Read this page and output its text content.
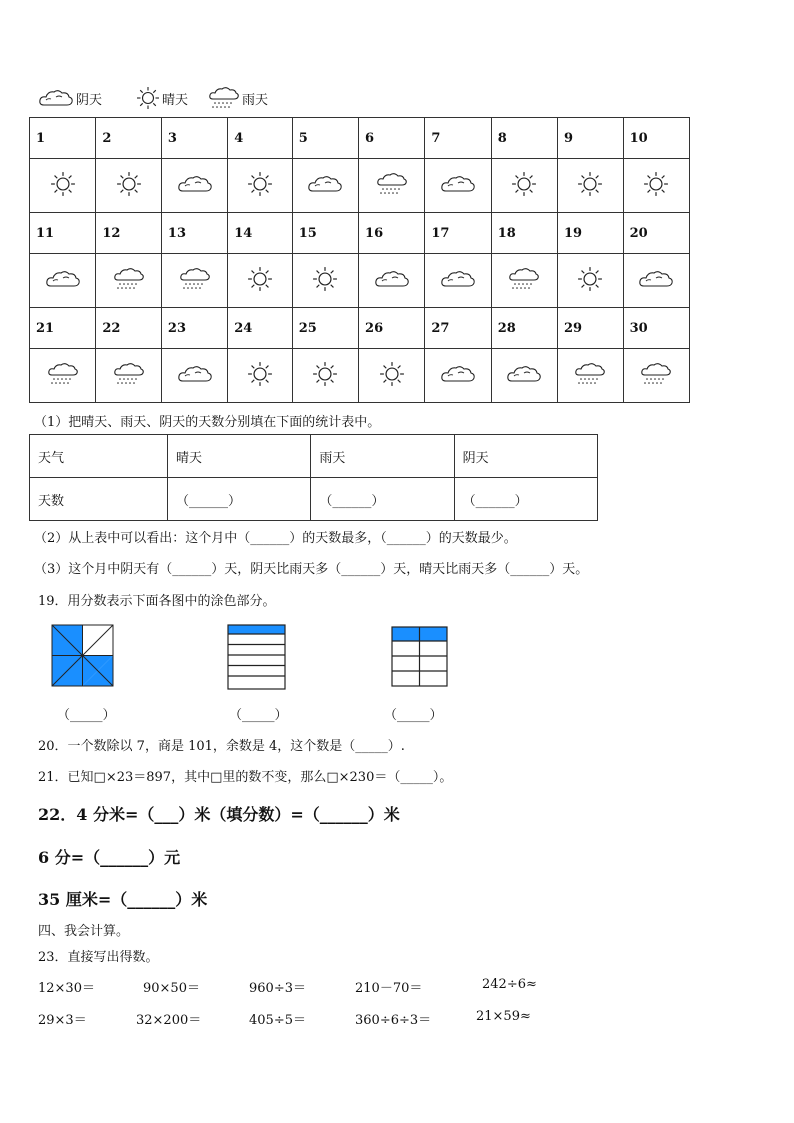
阴天	晴天	雨天
1	2	3	4	5	6	7	8	9	10

11	12	13	14	15	16	17	18	19	20

21	22	23	24	25	26	27	28	29	30

（1）把晴天、雨天、阴天的天数分别填在下面的统计表中。
天气	晴天	雨天	阴天
天数	（______）	（______）	（______）
（2）从上表中可以看出：这个月中（______）的天数最多，（______）的天数最少。
（3）这个月中阴天有（______）天，阴天比雨天多（______）天，晴天比雨天多（______）天。
19．用分数表示下面各图中的涂色部分。
（_____）	（_____）	（_____）
20．一个数除以 7，商是 101，余数是 4，这个数是（_____）.
21．已知□×23＝897，其中□里的数不变，那么□×230＝（_____）。
22．4 分米=（___）米（填分数）=（______）米
6 分=（______）元
35 厘米=（______）米
四、我会计算。
23．直接写出得数。
12×30＝	90×50＝	960÷3＝	210－70＝	242÷6≈
29×3＝	32×200＝	405÷5＝	360÷6÷3＝	21×59≈
